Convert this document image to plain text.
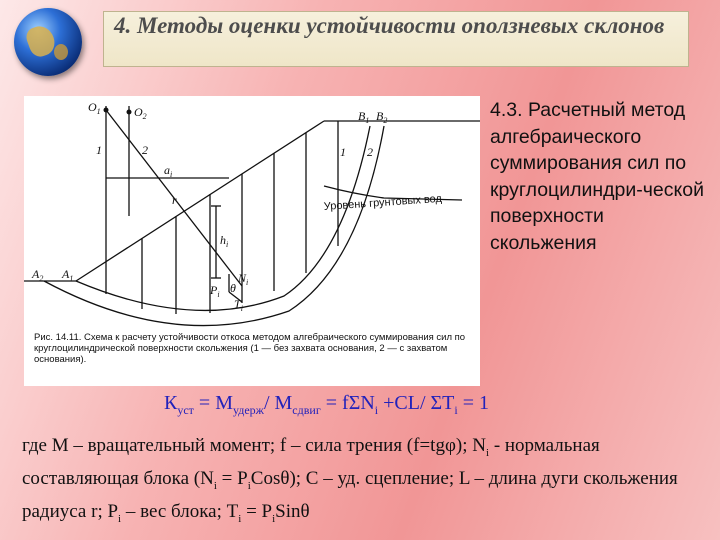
4. Методы оценки устойчивости оползневых склонов

$O_1$	$O_2$	$B_1$ $B_2$
1	2	1 2
$a_i$
r
$h_i$
$A_2$ $A_1$	$N_i$
$P_i$ θ
$T_i$
Уровень грунтовых вод
Рис. 14.11. Схема к расчету устойчивости откоса методом алгебраического суммирования сил по круглоцилиндрической поверхности скольжения (1 — без захвата основания, 2 — с захватом основания).
4.3. Расчетный метод алгебраического суммирования сил по круглоцилиндри-ческой поверхности скольжения
$К_{уст} = М_{удерж}/$ $М_{сдвиг} = f\Sigma N_i +CL/$ $\Sigma T_i = 1$
где М – вращательный момент; f – сила трения (f=tgφ); $N_i$ - нормальная составляющая блока $(N_i = P_iCos\theta)$; C – уд. сцепление; L – длина дуги скольжения радиуса r; $P_i$ – вес блока; $T_i = P_iSin\theta$
